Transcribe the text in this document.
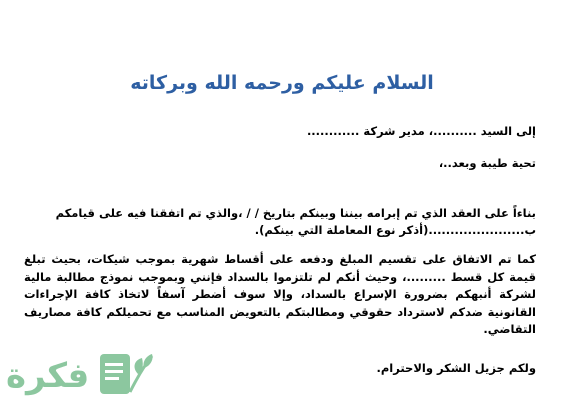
السلام عليكم ورحمه الله وبركاته
إلى السيد ..........، مدير شركة ............
تحية طيبة وبعد..،
بناءاً على العقد الذي تم إبرامه بيننا وبينكم بتاريخ / / ،والذي تم اتفقنا فيه على قيامكم
ب......................(أذكر نوع المعاملة التي بينكم).
كما تم الاتفاق على تقسيم المبلغ ودفعه على أقساط شهرية بموجب شيكات، بحيث تبلغ قيمة كل قسط .........، وحيث أنكم لم تلتزموا بالسداد فإنني وبموجب نموذج مطالبة مالية لشركة أنبهكم بضرورة الإسراع بالسداد، وإلا سوف أضطر آسفاً لاتخاذ كافة الإجراءات القانونية ضدكم لاسترداد حقوقي ومطالبتكم بالتعويض المناسب مع تحميلكم كافة مصاريف التقاضي.
ولكم جزيل الشكر والاحترام.
فكرة
